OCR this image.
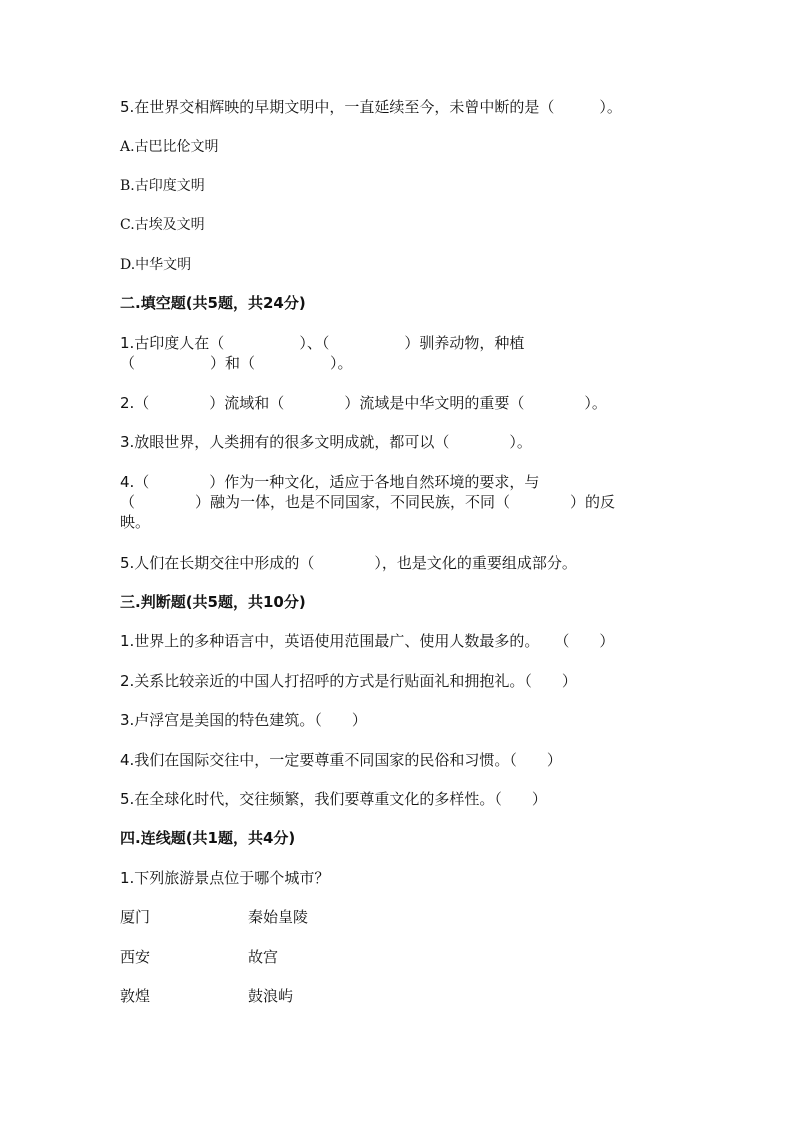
5.在世界交相辉映的早期文明中，一直延续至今，未曾中断的是（　　　）。
A.古巴比伦文明
B.古印度文明
C.古埃及文明
D.中华文明
二.填空题(共5题，共24分)
1.古印度人在（　　　　　）、（　　　　　）驯养动物，种植
（　　　　　）和（　　　　　）。
2.（　　　　）流域和（　　　　）流域是中华文明的重要（　　　　）。
3.放眼世界，人类拥有的很多文明成就，都可以（　　　　）。
4.（　　　　）作为一种文化，适应于各地自然环境的要求，与
（　　　　）融为一体，也是不同国家，不同民族，不同（　　　　）的反
映。
5.人们在长期交往中形成的（　　　　），也是文化的重要组成部分。
三.判断题(共5题，共10分)
1.世界上的多种语言中，英语使用范围最广、使用人数最多的。　　（　　）
2.关系比较亲近的中国人打招呼的方式是行贴面礼和拥抱礼。（　　）
3.卢浮宫是美国的特色建筑。（　　）
4.我们在国际交往中，一定要尊重不同国家的民俗和习惯。（　　）
5.在全球化时代，交往频繁，我们要尊重文化的多样性。（　　）
四.连线题(共1题，共4分)
1.下列旅游景点位于哪个城市？
厦门	秦始皇陵
西安	故宫
敦煌	鼓浪屿
